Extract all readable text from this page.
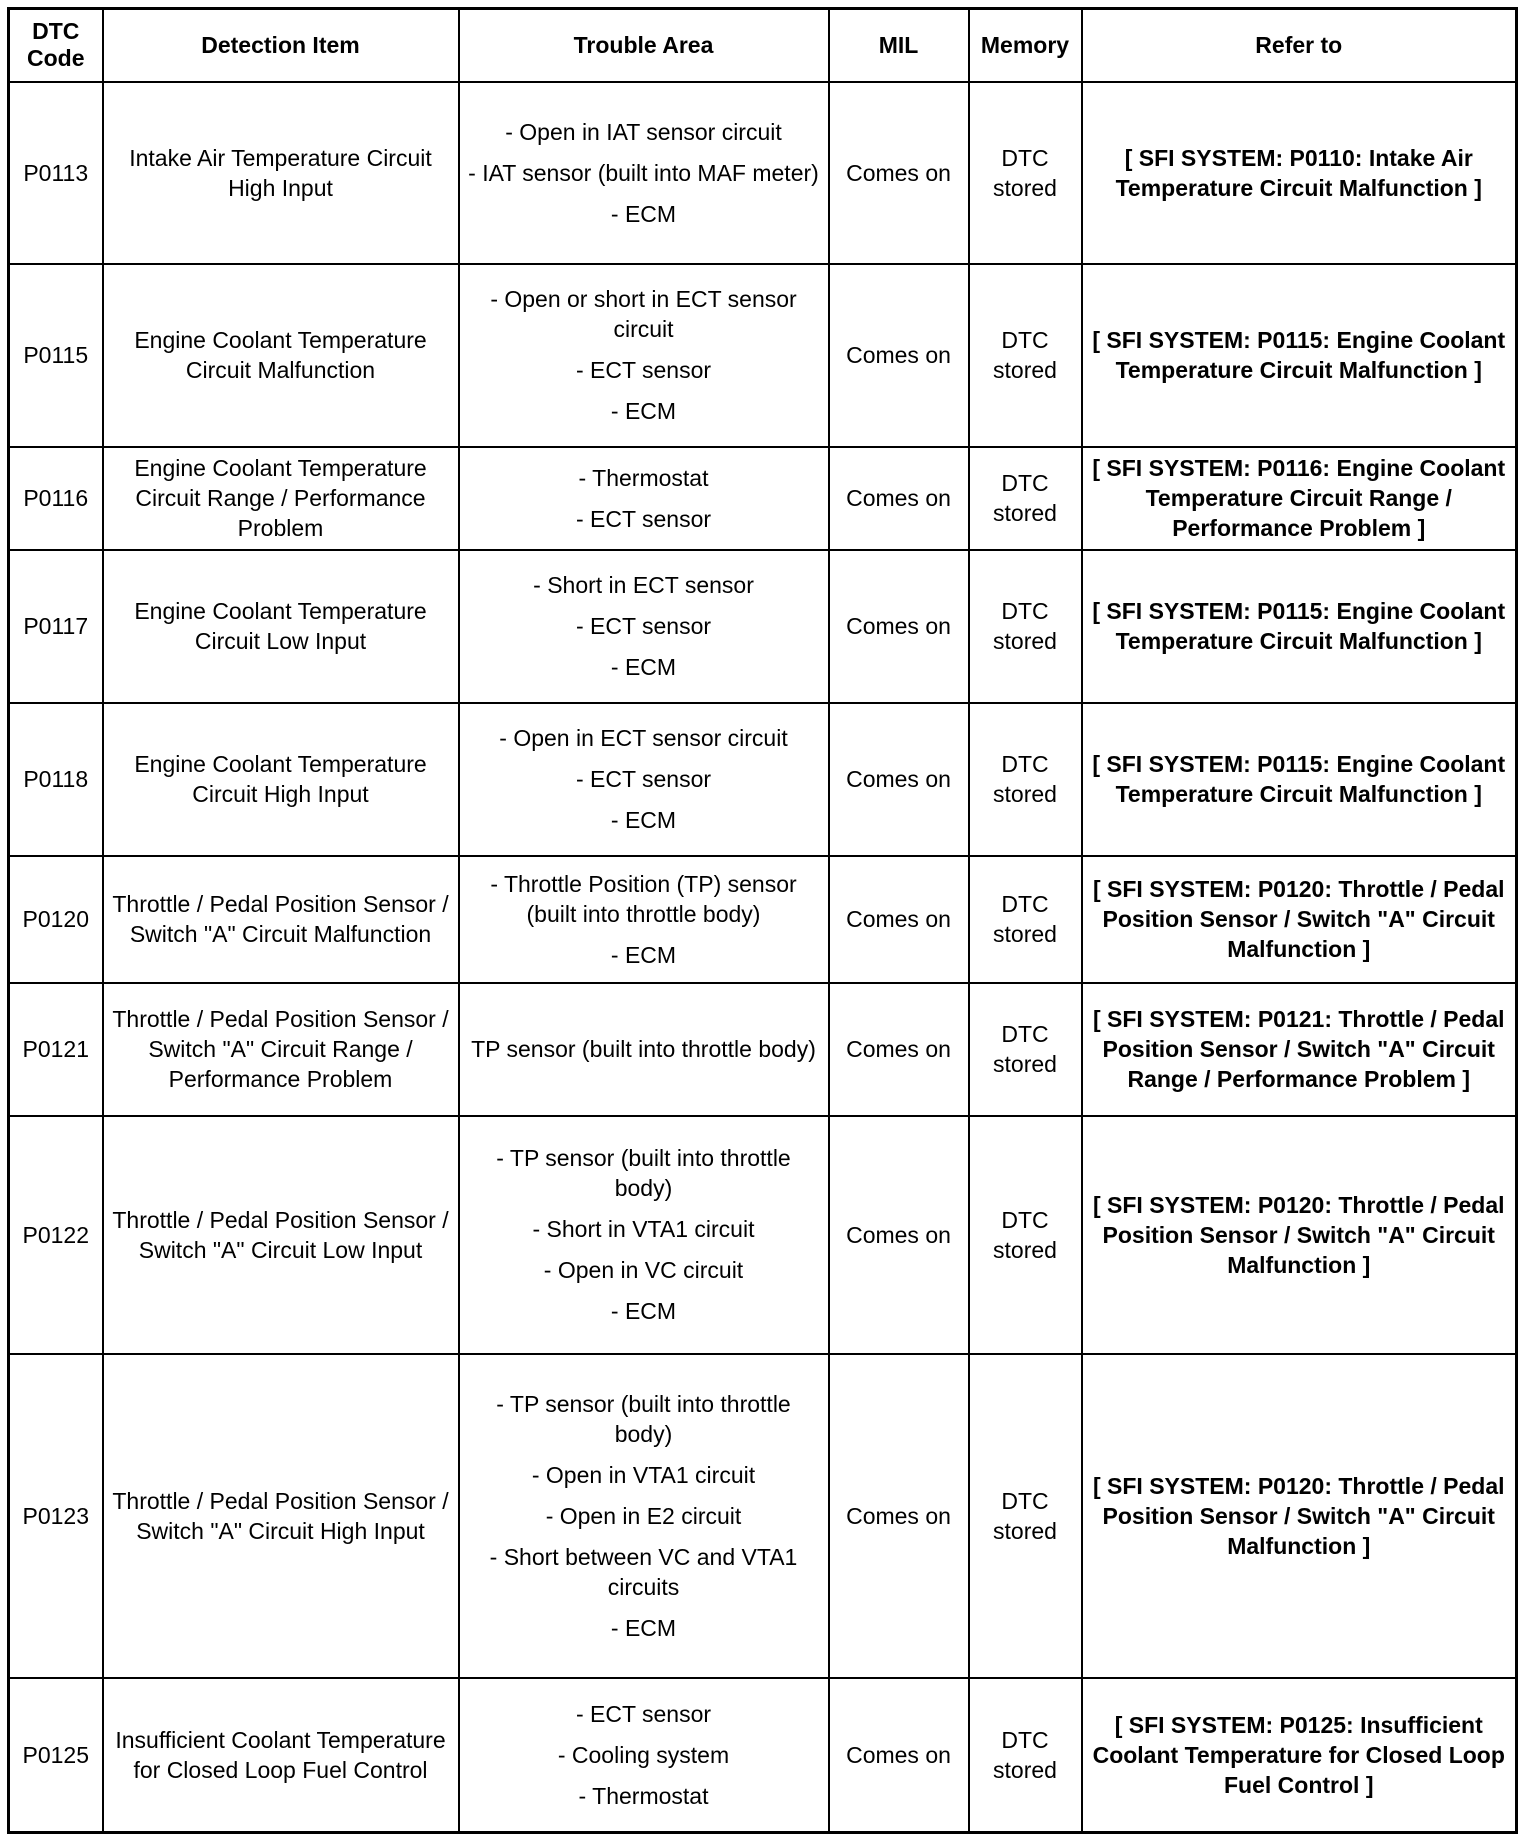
DTC
Code	Detection Item	Trouble Area	MIL	Memory	Refer to
P0113	Intake Air Temperature Circuit High Input	- Open in IAT sensor circuit
- IAT sensor (built into MAF meter)
- ECM	Comes on	DTC stored	[ SFI SYSTEM: P0110: Intake Air Temperature Circuit Malfunction ]
P0115	Engine Coolant Temperature Circuit Malfunction	- Open or short in ECT sensor circuit
- ECT sensor
- ECM	Comes on	DTC stored	[ SFI SYSTEM: P0115: Engine Coolant Temperature Circuit Malfunction ]
P0116	Engine Coolant Temperature Circuit Range / Performance Problem	- Thermostat
- ECT sensor	Comes on	DTC stored	[ SFI SYSTEM: P0116: Engine Coolant Temperature Circuit Range / Performance Problem ]
P0117	Engine Coolant Temperature Circuit Low Input	- Short in ECT sensor
- ECT sensor
- ECM	Comes on	DTC stored	[ SFI SYSTEM: P0115: Engine Coolant Temperature Circuit Malfunction ]
P0118	Engine Coolant Temperature Circuit High Input	- Open in ECT sensor circuit
- ECT sensor
- ECM	Comes on	DTC stored	[ SFI SYSTEM: P0115: Engine Coolant Temperature Circuit Malfunction ]
P0120	Throttle / Pedal Position Sensor / Switch "A" Circuit Malfunction	- Throttle Position (TP) sensor (built into throttle body)
- ECM	Comes on	DTC stored	[ SFI SYSTEM: P0120: Throttle / Pedal Position Sensor / Switch "A" Circuit Malfunction ]
P0121	Throttle / Pedal Position Sensor / Switch "A" Circuit Range / Performance Problem	TP sensor (built into throttle body)	Comes on	DTC stored	[ SFI SYSTEM: P0121: Throttle / Pedal Position Sensor / Switch "A" Circuit Range / Performance Problem ]
P0122	Throttle / Pedal Position Sensor / Switch "A" Circuit Low Input	- TP sensor (built into throttle body)
- Short in VTA1 circuit
- Open in VC circuit
- ECM	Comes on	DTC stored	[ SFI SYSTEM: P0120: Throttle / Pedal Position Sensor / Switch "A" Circuit Malfunction ]
P0123	Throttle / Pedal Position Sensor / Switch "A" Circuit High Input	- TP sensor (built into throttle body)
- Open in VTA1 circuit
- Open in E2 circuit
- Short between VC and VTA1 circuits
- ECM	Comes on	DTC stored	[ SFI SYSTEM: P0120: Throttle / Pedal Position Sensor / Switch "A" Circuit Malfunction ]
P0125	Insufficient Coolant Temperature for Closed Loop Fuel Control	- ECT sensor
- Cooling system
- Thermostat	Comes on	DTC stored	[ SFI SYSTEM: P0125: Insufficient Coolant Temperature for Closed Loop Fuel Control ]
